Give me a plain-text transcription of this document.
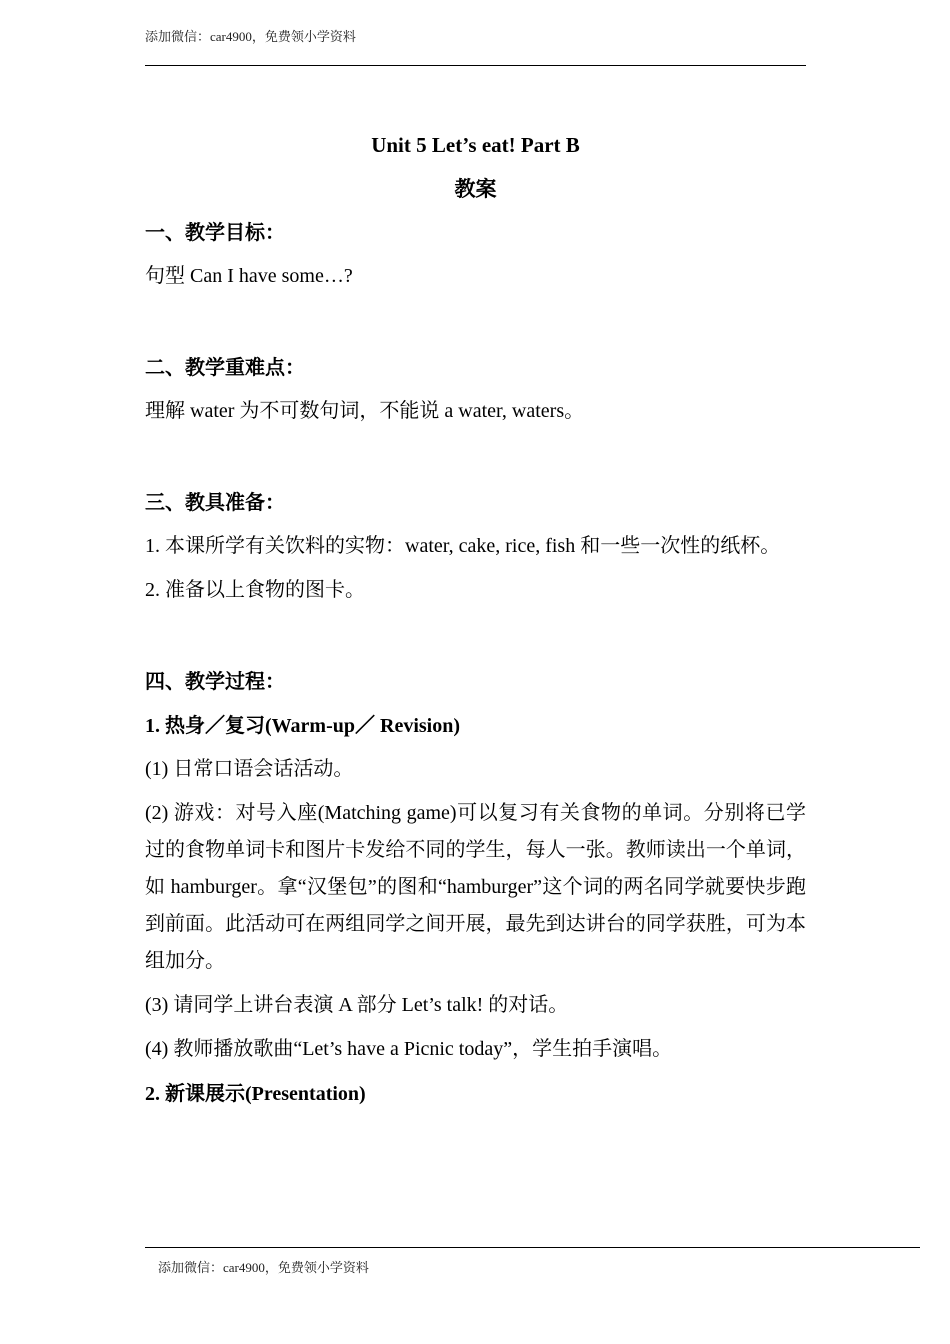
添加微信：car4900，免费领小学资料
Unit 5 Let’s eat! Part B
教案
一、教学目标：
句型 Can I have some…?
二、教学重难点：
理解 water 为不可数句词，不能说 a water, waters。
三、教具准备：
1. 本课所学有关饮料的实物：water, cake, rice, fish 和一些一次性的纸杯。
2. 准备以上食物的图卡。
四、教学过程：
1. 热身／复习(Warm-up／ Revision)
(1) 日常口语会话活动。
(2) 游戏：对号入座(Matching game)可以复习有关食物的单词。分别将已学过的食物单词卡和图片卡发给不同的学生，每人一张。教师读出一个单词，如 hamburger。拿“汉堡包”的图和“hamburger”这个词的两名同学就要快步跑到前面。此活动可在两组同学之间开展，最先到达讲台的同学获胜，可为本组加分。
(3) 请同学上讲台表演 A 部分 Let’s talk! 的对话。
(4) 教师播放歌曲“Let’s have a Picnic today”，学生拍手演唱。
2. 新课展示(Presentation)
添加微信：car4900，免费领小学资料
